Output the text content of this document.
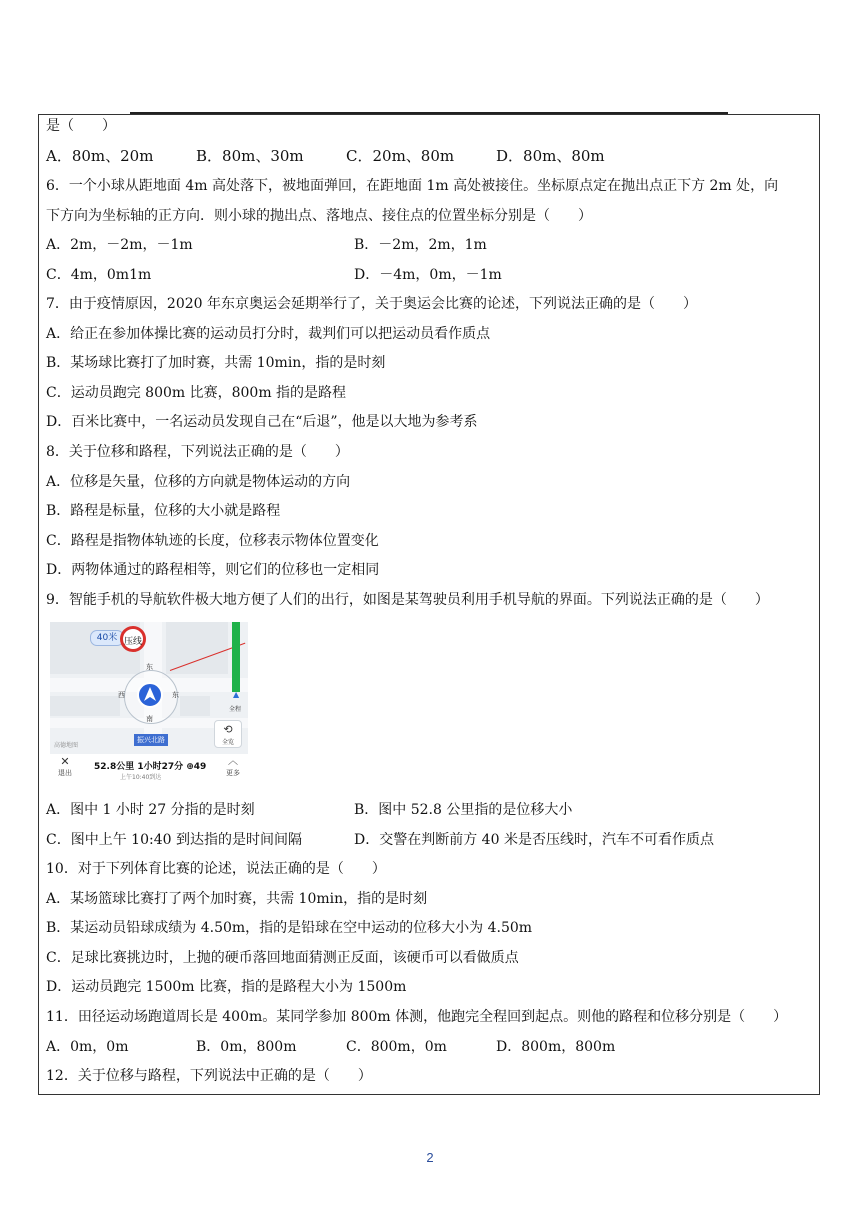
是（　　）
A．80m、20m	B．80m、30m	C．20m、80m	D．80m、80m
6．一个小球从距地面 4m 高处落下，被地面弹回，在距地面 1m 高处被接住。坐标原点定在抛出点正下方 2m 处，向
下方向为坐标轴的正方向．则小球的抛出点、落地点、接住点的位置坐标分别是（　　）
A．2m，－2m，－1m	B．－2m，2m，1m
C．4m，0m1m	D．－4m，0m，－1m
7．由于疫情原因，2020 年东京奥运会延期举行了，关于奥运会比赛的论述，下列说法正确的是（　　）
A．给正在参加体操比赛的运动员打分时，裁判们可以把运动员看作质点
B．某场球比赛打了加时赛，共需 10min，指的是时刻
C．运动员跑完 800m 比赛，800m 指的是路程
D．百米比赛中，一名运动员发现自己在“后退”，他是以大地为参考系
8．关于位移和路程，下列说法正确的是（　　）
A．位移是矢量，位移的方向就是物体运动的方向
B．路程是标量，位移的大小就是路程
C．路程是指物体轨迹的长度，位移表示物体位置变化
D．两物体通过的路程相等，则它们的位移也一定相同
9．智能手机的导航软件极大地方便了人们的出行，如图是某驾驶员利用手机导航的界面。下列说法正确的是（　　）
▲
全程
40米 压线
东
西	东
南
振兴北路
高德地图
⟲
全览
✕
退出
52.8公里 1小时27分 ⊕49
上午10:40到达
︿
更多
A．图中 1 小时 27 分指的是时刻	B．图中 52.8 公里指的是位移大小
C．图中上午 10:40 到达指的是时间间隔	D．交警在判断前方 40 米是否压线时，汽车不可看作质点
10．对于下列体育比赛的论述，说法正确的是（　　）
A．某场篮球比赛打了两个加时赛，共需 10min，指的是时刻
B．某运动员铅球成绩为 4.50m，指的是铅球在空中运动的位移大小为 4.50m
C．足球比赛挑边时，上抛的硬币落回地面猜测正反面，该硬币可以看做质点
D．运动员跑完 1500m 比赛，指的是路程大小为 1500m
11．田径运动场跑道周长是 400m。某同学参加 800m 体测，他跑完全程回到起点。则他的路程和位移分别是（　　）
A．0m，0m	B．0m，800m	C．800m，0m	D．800m，800m
12．关于位移与路程，下列说法中正确的是（　　）
2
